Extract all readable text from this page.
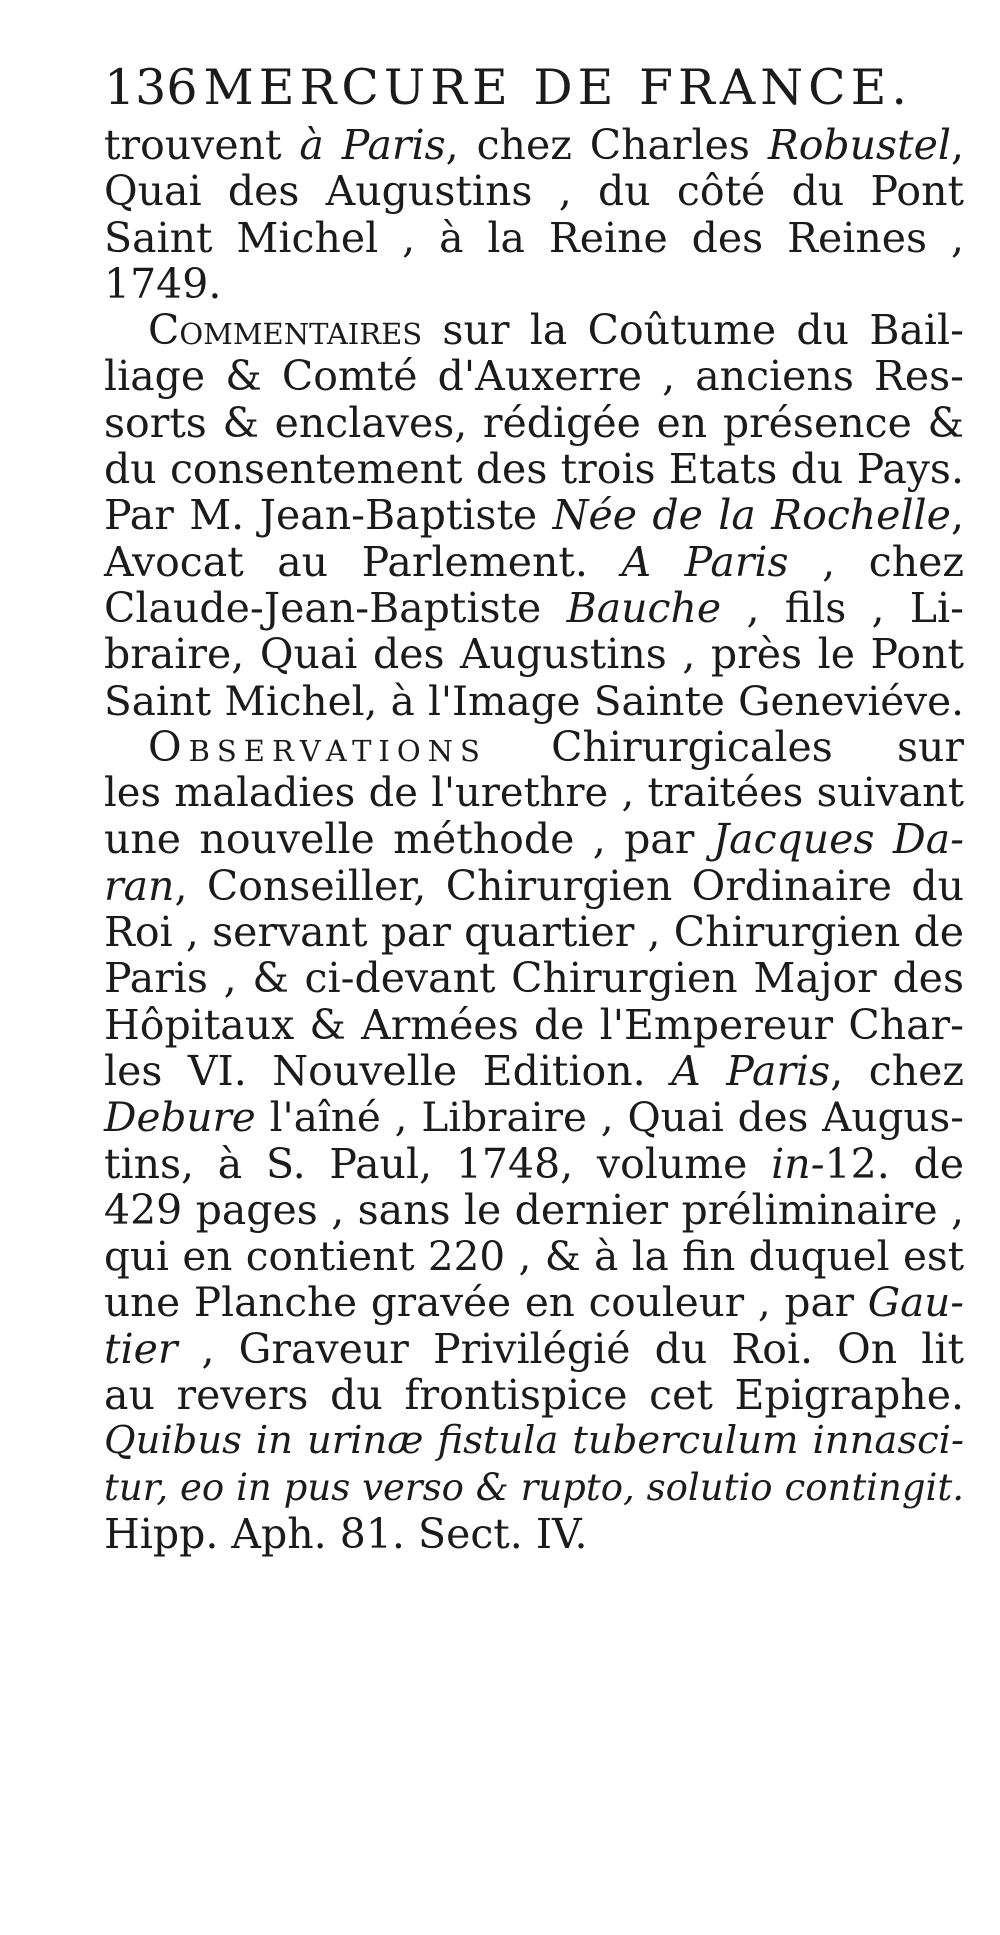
136 MERCURE DE FRANCE.
trouvent à Paris, chez Charles Robustel,
Quai des Augustins , du côté du Pont
Saint Michel , à la Reine des Reines ,
1749.
Commentaires sur la Coûtume du Bail-
liage & Comté d'Auxerre , anciens Res-
sorts & enclaves, rédigée en présence &
du consentement des trois Etats du Pays.
Par M. Jean-Baptiste Née de la Rochelle,
Avocat au Parlement. A Paris , chez
Claude-Jean-Baptiste Bauche , fils , Li-
braire, Quai des Augustins , près le Pont
Saint Michel, à l'Image Sainte Geneviéve.
Observations Chirurgicales sur
les maladies de l'urethre , traitées suivant
une nouvelle méthode , par Jacques Da-
ran, Conseiller, Chirurgien Ordinaire du
Roi , servant par quartier , Chirurgien de
Paris , & ci-devant Chirurgien Major des
Hôpitaux & Armées de l'Empereur Char-
les VI. Nouvelle Edition. A Paris, chez
Debure l'aîné , Libraire , Quai des Augus-
tins, à S. Paul, 1748, volume in-12. de
429 pages , sans le dernier préliminaire ,
qui en contient 220 , & à la fin duquel est
une Planche gravée en couleur , par Gau-
tier , Graveur Privilégié du Roi. On lit
au revers du frontispice cet Epigraphe.
Quibus in urinæ fistula tuberculum innasci-
tur, eo in pus verso & rupto, solutio contingit.
Hipp. Aph. 81. Sect. IV.
